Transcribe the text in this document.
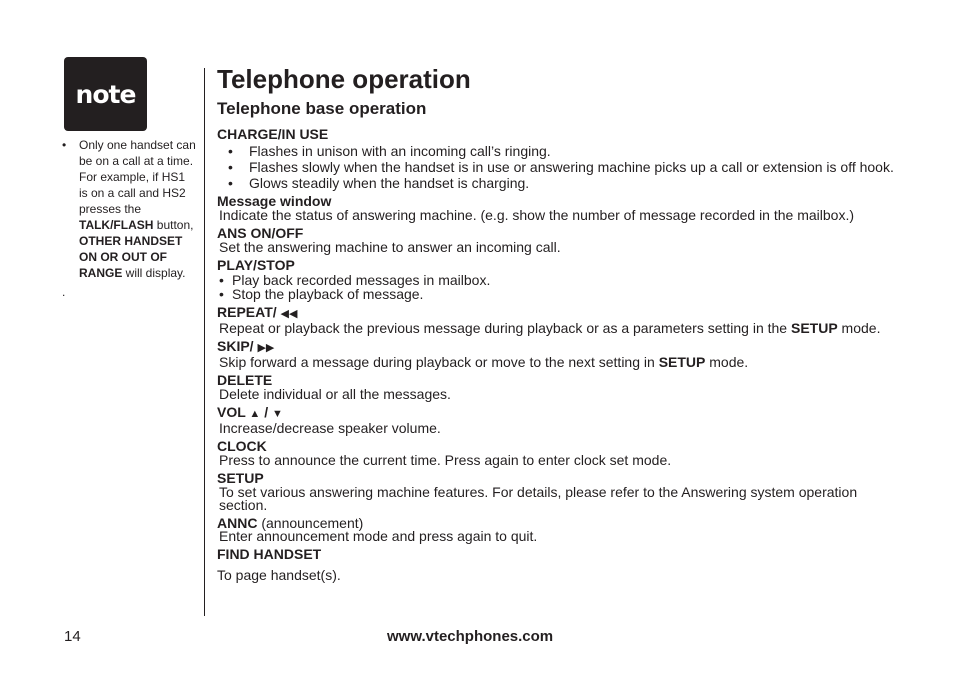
note
•	Only one handset can be on a call at a time. For example, if HS1 is on a call and HS2 presses the TALK/FLASH button, OTHER HANDSET ON OR OUT OF RANGE will display.
.
Telephone operation
Telephone base operation
CHARGE/IN USE
•	Flashes in unison with an incoming call’s ringing.
•	Flashes slowly when the handset is in use or answering machine picks up a call or extension is off hook.
•	Glows steadily when the handset is charging.
Message window
Indicate the status of answering machine. (e.g. show the number of message recorded in the mailbox.)
ANS ON/OFF
Set the answering machine to answer an incoming call.
PLAY/STOP
• Play back recorded messages in mailbox.
• Stop the playback of message.
REPEAT/ ◀◀
Repeat or playback the previous message during playback or as a parameters setting in the SETUP mode.
SKIP/ ▶▶
Skip forward a message during playback or move to the next setting in SETUP mode.
DELETE
Delete individual or all the messages.
VOL ▲ / ▼
Increase/decrease speaker volume.
CLOCK
Press to announce the current time. Press again to enter clock set mode.
SETUP
To set various answering machine features. For details, please refer to the Answering system operation section.
ANNC (announcement)
Enter announcement mode and press again to quit.
FIND HANDSET
To page handset(s).
14	www.vtechphones.com
